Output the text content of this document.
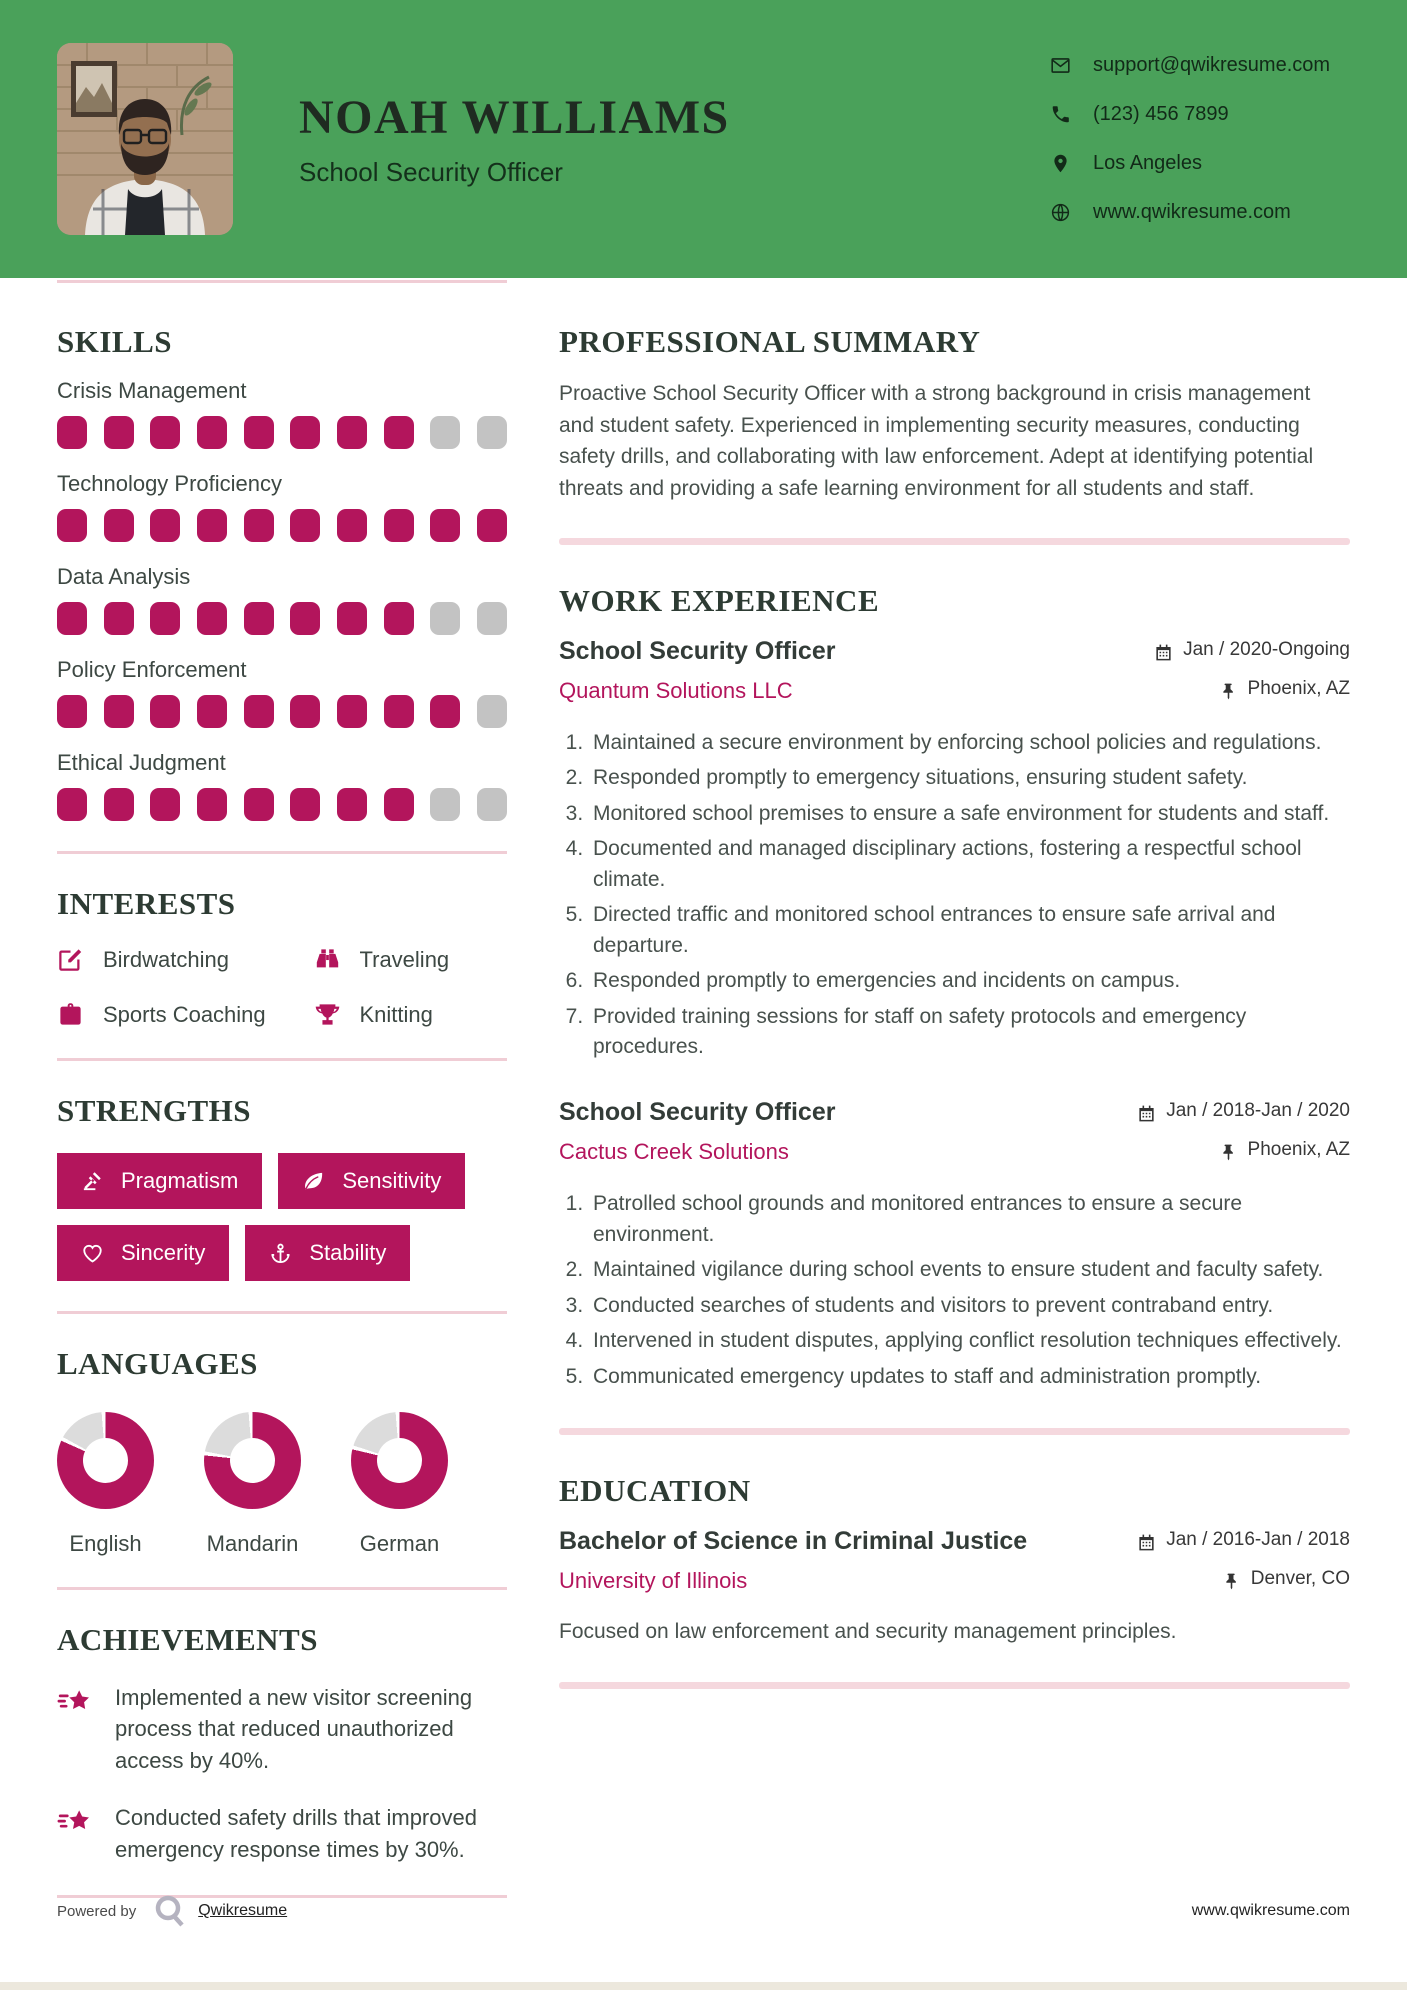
NOAH WILLIAMS
School Security Officer
support@qwikresume.com
(123) 456 7899
Los Angeles
www.qwikresume.com
SKILLS
Crisis Management
Technology Proficiency
Data Analysis
Policy Enforcement
Ethical Judgment
INTERESTS
Birdwatching	Traveling
Sports Coaching	Knitting
STRENGTHS
Pragmatism	Sensitivity
Sincerity	Stability
LANGUAGES
English	Mandarin	German
ACHIEVEMENTS

Implemented a new visitor screening process that reduced unauthorized access by 40%.

Conducted safety drills that improved emergency response times by 30%.

PROFESSIONAL SUMMARY

Proactive School Security Officer with a strong background in crisis management and student safety. Experienced in implementing security measures, conducting safety drills, and collaborating with law enforcement. Adept at identifying potential threats and providing a safe learning environment for all students and staff.

WORK EXPERIENCE
School Security Officer	Jan / 2020-Ongoing
Quantum Solutions LLC	Phoenix, AZ
1. Maintained a secure environment by enforcing school policies and regulations.
2. Responded promptly to emergency situations, ensuring student safety.
3. Monitored school premises to ensure a safe environment for students and staff.
4. Documented and managed disciplinary actions, fostering a respectful school climate.
5. Directed traffic and monitored school entrances to ensure safe arrival and departure.
6. Responded promptly to emergencies and incidents on campus.
7. Provided training sessions for staff on safety protocols and emergency procedures.
School Security Officer	Jan / 2018-Jan / 2020
Cactus Creek Solutions	Phoenix, AZ
1. Patrolled school grounds and monitored entrances to ensure a secure environment.
2. Maintained vigilance during school events to ensure student and faculty safety.
3. Conducted searches of students and visitors to prevent contraband entry.
4. Intervened in student disputes, applying conflict resolution techniques effectively.
5. Communicated emergency updates to staff and administration promptly.
EDUCATION
Bachelor of Science in Criminal Justice	Jan / 2016-Jan / 2018
University of Illinois	Denver, CO

Focused on law enforcement and security management principles.

Powered by	Qwikresume	www.qwikresume.com
